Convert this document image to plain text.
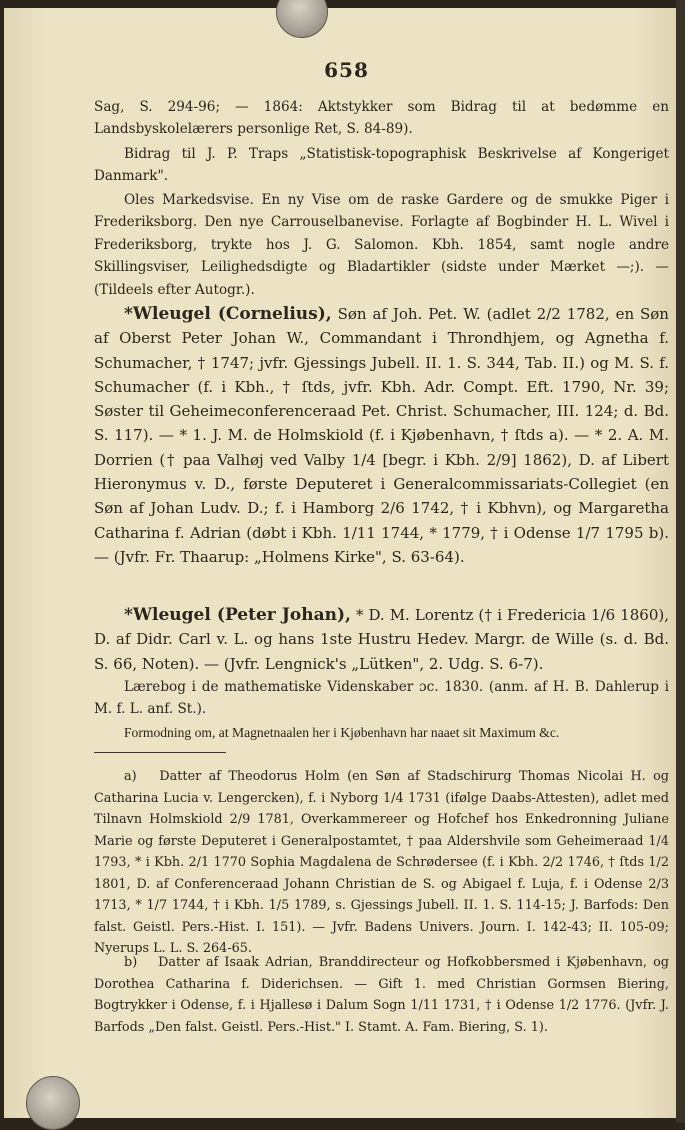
658

Sag, S. 294-96; — 1864: Aktstykker som Bidrag til at bedømme en Landsbyskolelærers personlige Ret, S. 84-89).

Bidrag til J. P. Traps „Statistisk-topographisk Beskrivelse af Kongeriget Danmark".

Oles Markedsvise. En ny Vise om de raske Gardere og de smukke Piger i Frederiksborg. Den nye Carrouselbanevise. Forlagte af Bogbinder H. L. Wivel i Frederiksborg, trykte hos J. G. Salomon. Kbh. 1854, samt nogle andre Skillingsviser, Leilighedsdigte og Bladartikler (sidste under Mærket —;). — (Tildeels efter Autogr.).

*Wleugel (Cornelius), Søn af Joh. Pet. W. (adlet 2/2 1782, en Søn af Oberst Peter Johan W., Commandant i Throndhjem, og Agnetha f. Schumacher, † 1747; jvfr. Gjessings Jubell. II. 1. S. 344, Tab. II.) og M. S. f. Schumacher (f. i Kbh., † ſtds, jvfr. Kbh. Adr. Compt. Eft. 1790, Nr. 39; Søster til Geheimeconferenceraad Pet. Christ. Schumacher, III. 124; d. Bd. S. 117). — * 1. J. M. de Holmskiold (f. i Kjøbenhavn, † ſtds a). — * 2. A. M. Dorrien († paa Valhøj ved Valby 1/4 [begr. i Kbh. 2/9] 1862), D. af Libert Hieronymus v. D., første Deputeret i Generalcommissariats-Collegiet (en Søn af Johan Ludv. D.; f. i Hamborg 2/6 1742, † i Kbhvn), og Margaretha Catharina f. Adrian (døbt i Kbh. 1/11 1744, * 1779, † i Odense 1/7 1795 b). — (Jvfr. Fr. Thaarup: „Holmens Kirke", S. 63-64).

*Wleugel (Peter Johan), * D. M. Lorentz († i Fredericia 1/6 1860), D. af Didr. Carl v. L. og hans 1ste Hustru Hedev. Margr. de Wille (s. d. Bd. S. 66, Noten). — (Jvfr. Lengnick's „Lütken", 2. Udg. S. 6-7).

Lærebog i de mathematiske Videnskaber ɔc. 1830. (anm. af H. B. Dahlerup i M. f. L. anf. St.).

Formodning om, at Magnetnaalen her i Kjøbenhavn har naaet sit Maximum &c.

a) Datter af Theodorus Holm (en Søn af Stadschirurg Thomas Nicolai H. og Catharina Lucia v. Lengercken), f. i Nyborg 1/4 1731 (ifølge Daabs-Attesten), adlet med Tilnavn Holmskiold 2/9 1781, Overkammereer og Hofchef hos Enkedronning Juliane Marie og første Deputeret i Generalpostamtet, † paa Aldershvile som Geheimeraad 1/4 1793, * i Kbh. 2/1 1770 Sophia Magdalena de Schrødersee (f. i Kbh. 2/2 1746, † ſtds 1/2 1801, D. af Conferenceraad Johann Christian de S. og Abigael f. Luja, f. i Odense 2/3 1713, * 1/7 1744, † i Kbh. 1/5 1789, s. Gjessings Jubell. II. 1. S. 114-15; J. Barfods: Den falst. Geistl. Pers.-Hist. I. 151). — Jvfr. Badens Univers. Journ. I. 142-43; II. 105-09; Nyerups L. L. S. 264-65.

b) Datter af Isaak Adrian, Branddirecteur og Hofkobbersmed i Kjøbenhavn, og Dorothea Catharina f. Diderichsen. — Gift 1. med Christian Gormsen Biering, Bogtrykker i Odense, f. i Hjallesø i Dalum Sogn 1/11 1731, † i Odense 1/2 1776. (Jvfr. J. Barfods „Den falst. Geistl. Pers.-Hist." I. Stamt. A. Fam. Biering, S. 1).
